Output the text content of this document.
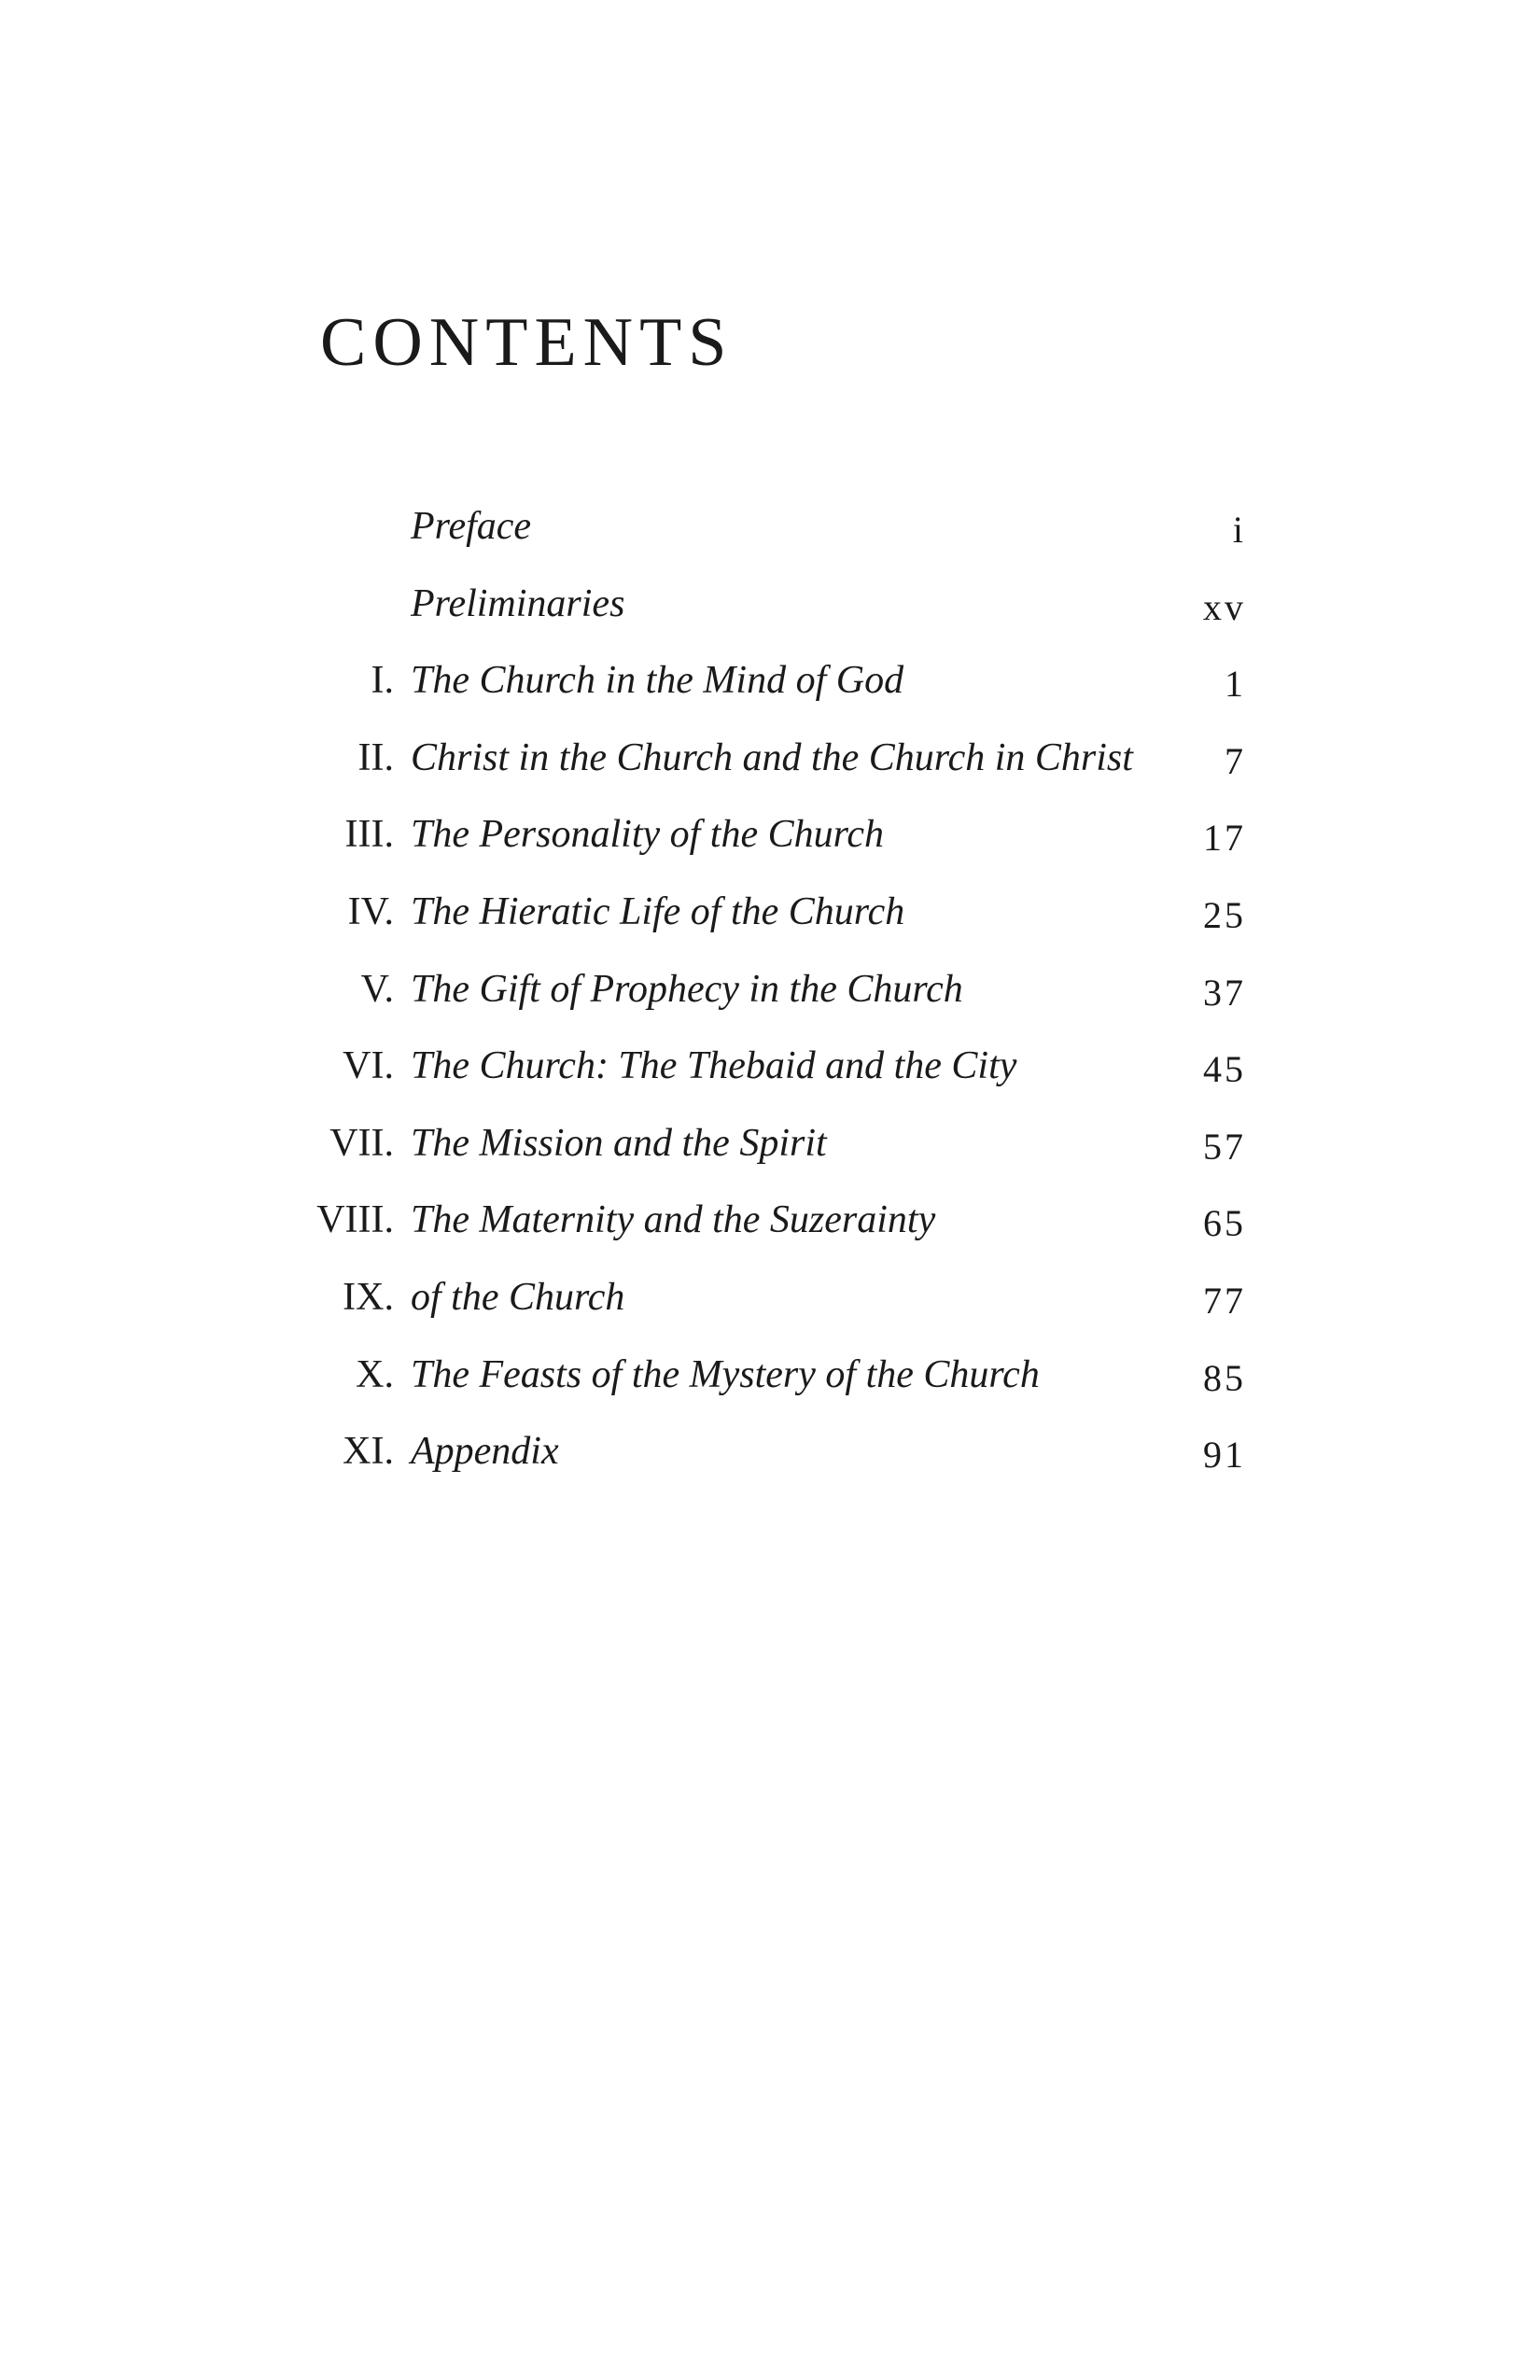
CONTENTS
Preface	i
Preliminaries	xv
I. The Church in the Mind of God	1
II. Christ in the Church and the Church in Christ 7
III. The Personality of the Church	17
IV. The Hieratic Life of the Church	25
V. The Gift of Prophecy in the Church	37
VI. The Church: The Thebaid and the City	45
VII. The Mission and the Spirit	57
VIII. The Maternity and the Suzerainty	65
IX. of the Church	77
X. The Feasts of the Mystery of the Church	85
XI. Appendix	91
